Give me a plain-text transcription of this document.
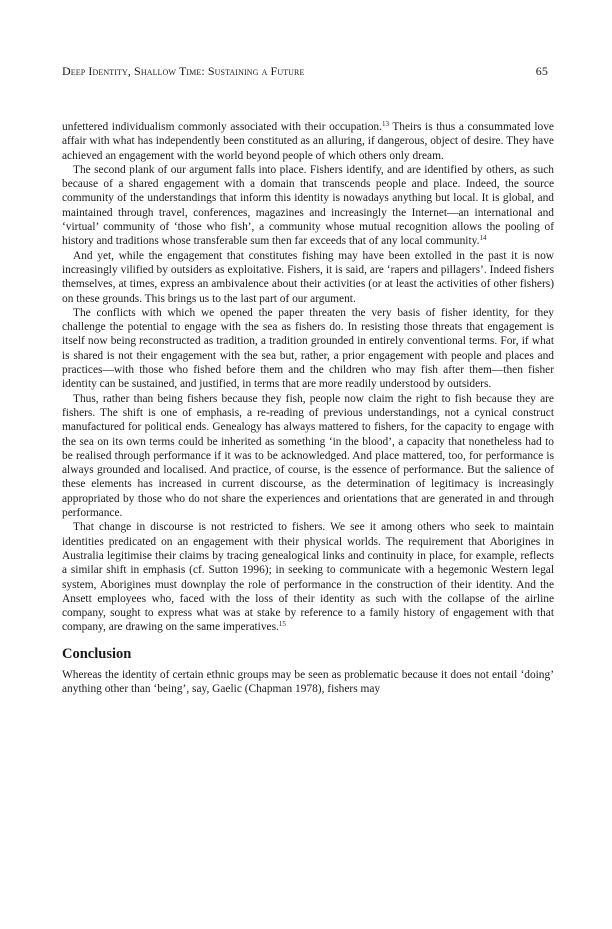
Deep Identity, Shallow Time: Sustaining a Future	65

unfettered individualism commonly associated with their occupation.$^{13}$ Theirs is thus a consummated love affair with what has independently been constituted as an alluring, if dangerous, object of desire. They have achieved an engagement with the world beyond people of which others only dream.

The second plank of our argument falls into place. Fishers identify, and are identified by others, as such because of a shared engagement with a domain that transcends people and place. Indeed, the source community of the understandings that inform this identity is nowadays anything but local. It is global, and maintained through travel, conferences, magazines and increasingly the Internet—an international and ‘virtual’ community of ‘those who fish’, a community whose mutual recognition allows the pooling of history and traditions whose transferable sum then far exceeds that of any local community.$^{14}$

And yet, while the engagement that constitutes fishing may have been extolled in the past it is now increasingly vilified by outsiders as exploitative. Fishers, it is said, are ‘rapers and pillagers’. Indeed fishers themselves, at times, express an ambivalence about their activities (or at least the activities of other fishers) on these grounds. This brings us to the last part of our argument.

The conflicts with which we opened the paper threaten the very basis of fisher identity, for they challenge the potential to engage with the sea as fishers do. In resisting those threats that engagement is itself now being reconstructed as tradition, a tradition grounded in entirely conventional terms. For, if what is shared is not their engagement with the sea but, rather, a prior engagement with people and places and practices—with those who fished before them and the children who may fish after them—then fisher identity can be sustained, and justified, in terms that are more readily understood by outsiders.

Thus, rather than being fishers because they fish, people now claim the right to fish because they are fishers. The shift is one of emphasis, a re-reading of previous understandings, not a cynical construct manufactured for political ends. Genealogy has always mattered to fishers, for the capacity to engage with the sea on its own terms could be inherited as something ‘in the blood’, a capacity that nonetheless had to be realised through performance if it was to be acknowledged. And place mattered, too, for performance is always grounded and localised. And practice, of course, is the essence of performance. But the salience of these elements has increased in current discourse, as the determination of legitimacy is increasingly appropriated by those who do not share the experiences and orientations that are generated in and through performance.

That change in discourse is not restricted to fishers. We see it among others who seek to maintain identities predicated on an engagement with their physical worlds. The requirement that Aborigines in Australia legitimise their claims by tracing genealogical links and continuity in place, for example, reflects a similar shift in emphasis (cf. Sutton 1996); in seeking to communicate with a hegemonic Western legal system, Aborigines must downplay the role of performance in the construction of their identity. And the Ansett employees who, faced with the loss of their identity as such with the collapse of the airline company, sought to express what was at stake by reference to a family history of engagement with that company, are drawing on the same imperatives.$^{15}$

Conclusion

Whereas the identity of certain ethnic groups may be seen as problematic because it does not entail ‘doing’ anything other than ‘being’, say, Gaelic (Chapman 1978), fishers may
